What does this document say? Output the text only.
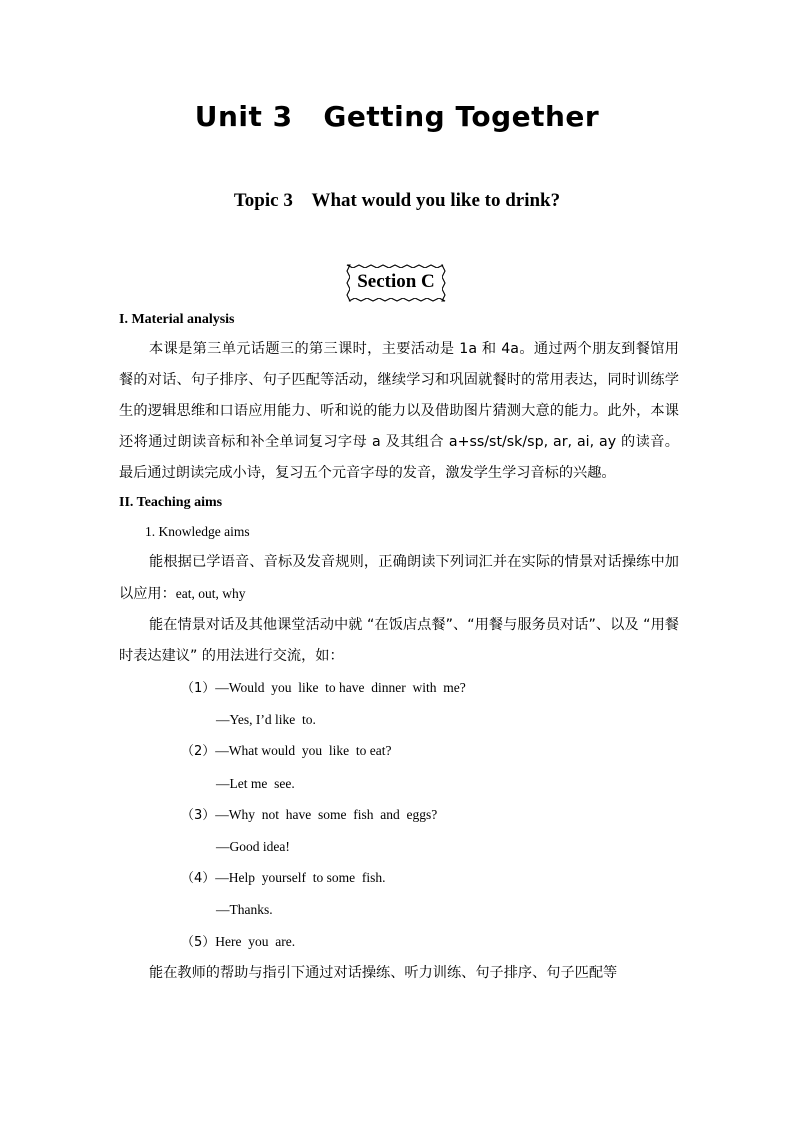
Unit 3   Getting Together
Topic 3    What would you like to drink?
Section C

I. Material analysis

本课是第三单元话题三的第三课时，主要活动是 1a 和 4a。通过两个朋友到餐馆用餐的对话、句子排序、句子匹配等活动，继续学习和巩固就餐时的常用表达，同时训练学生的逻辑思维和口语应用能力、听和说的能力以及借助图片猜测大意的能力。此外，本课还将通过朗读音标和补全单词复习字母 a 及其组合 a+ss/st/sk/sp, ar, ai, ay 的读音。最后通过朗读完成小诗，复习五个元音字母的发音，激发学生学习音标的兴趣。

II. Teaching aims

1. Knowledge aims

能根据已学语音、音标及发音规则，正确朗读下列词汇并在实际的情景对话操练中加以应用：eat, out, why

能在情景对话及其他课堂活动中就 “在饭店点餐”、“用餐与服务员对话”、以及 “用餐时表达建议” 的用法进行交流，如：

（1）—Would  you  like  to have  dinner  with  me?

—Yes, I’d like  to.

（2）—What would  you  like  to eat?

—Let me  see.

（3）—Why  not  have  some  fish  and  eggs?

—Good idea!

（4）—Help  yourself  to some  fish.

—Thanks.

（5）Here  you  are.

能在教师的帮助与指引下通过对话操练、听力训练、句子排序、句子匹配等
